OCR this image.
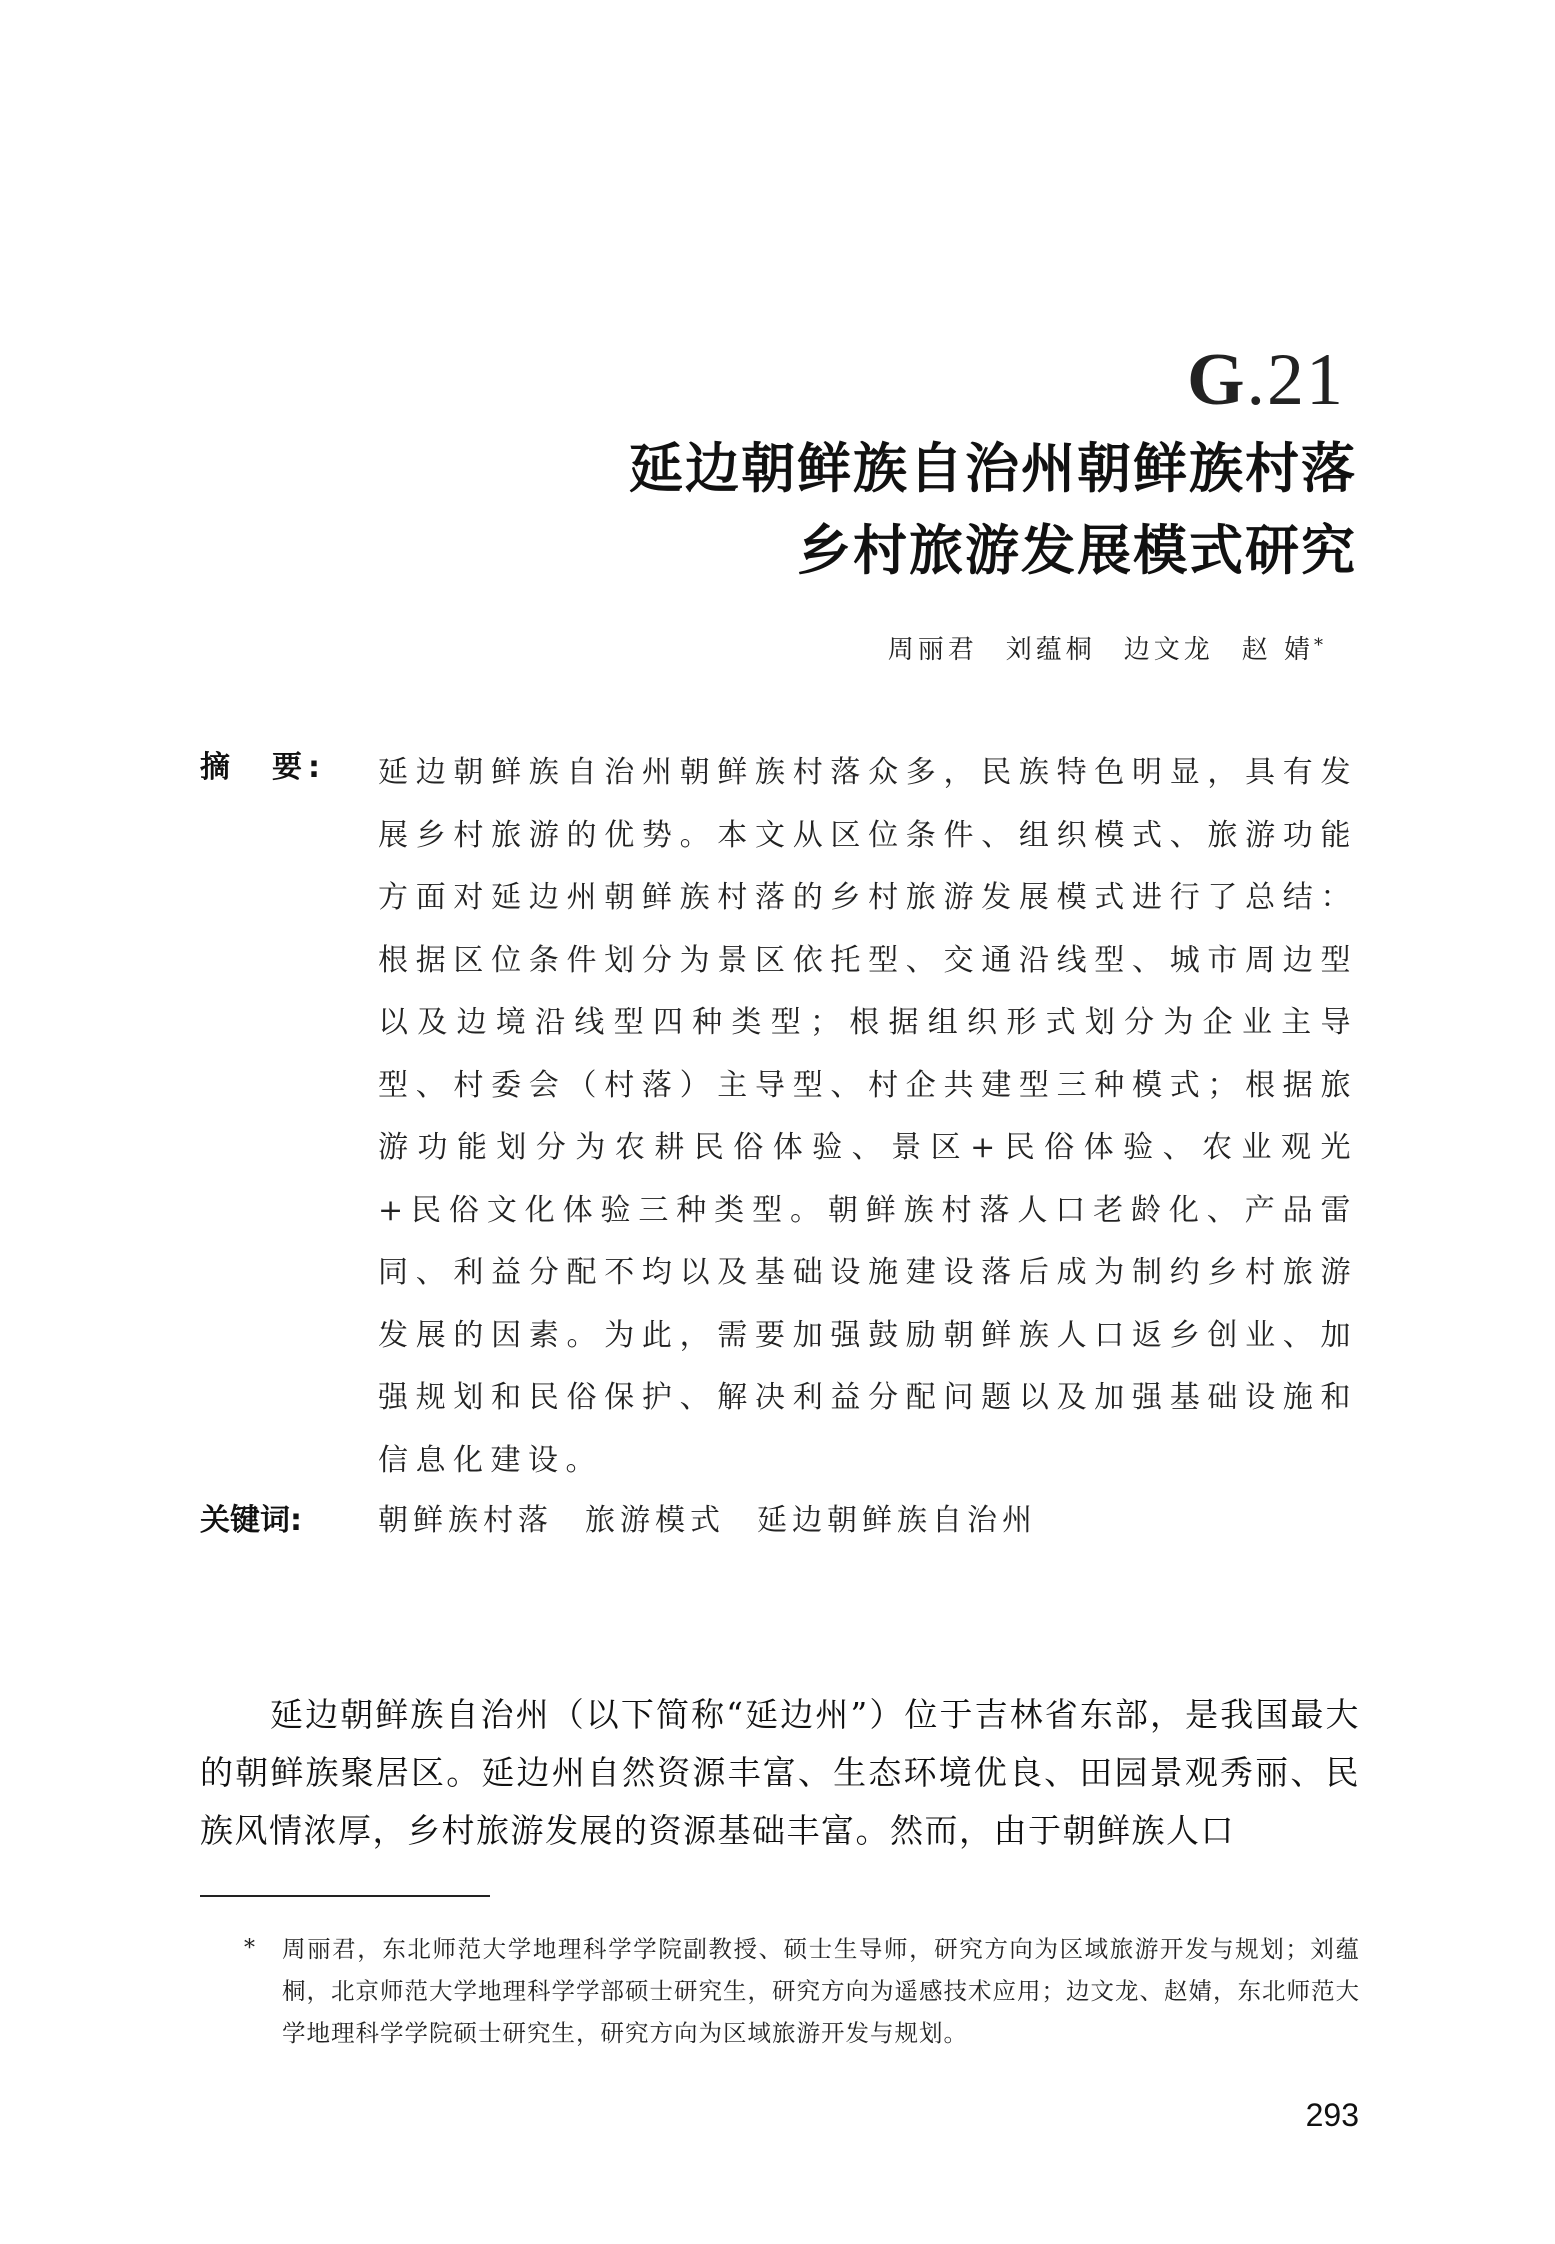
G.21
延边朝鲜族自治州朝鲜族村落
乡村旅游发展模式研究
周丽君 刘蕴桐 边文龙 赵 婧*
摘　要: 延边朝鲜族自治州朝鲜族村落众多，民族特色明显，具有发展乡村旅游的优势。本文从区位条件、组织模式、旅游功能方面对延边州朝鲜族村落的乡村旅游发展模式进行了总结：根据区位条件划分为景区依托型、交通沿线型、城市周边型以及边境沿线型四种类型；根据组织形式划分为企业主导型、村委会（村落）主导型、村企共建型三种模式；根据旅游功能划分为农耕民俗体验、景区+民俗体验、农业观光+民俗文化体验三种类型。朝鲜族村落人口老龄化、产品雷同、利益分配不均以及基础设施建设落后成为制约乡村旅游发展的因素。为此，需要加强鼓励朝鲜族人口返乡创业、加强规划和民俗保护、解决利益分配问题以及加强基础设施和信息化建设。
关键词:	朝鲜族村落 旅游模式 延边朝鲜族自治州
延边朝鲜族自治州（以下简称“延边州”）位于吉林省东部，是我国最大的朝鲜族聚居区。延边州自然资源丰富、生态环境优良、田园景观秀丽、民族风情浓厚，乡村旅游发展的资源基础丰富。然而，由于朝鲜族人口
* 周丽君，东北师范大学地理科学学院副教授、硕士生导师，研究方向为区域旅游开发与规划；刘蕴桐，北京师范大学地理科学学部硕士研究生，研究方向为遥感技术应用；边文龙、赵婧，东北师范大学地理科学学院硕士研究生，研究方向为区域旅游开发与规划。
293
